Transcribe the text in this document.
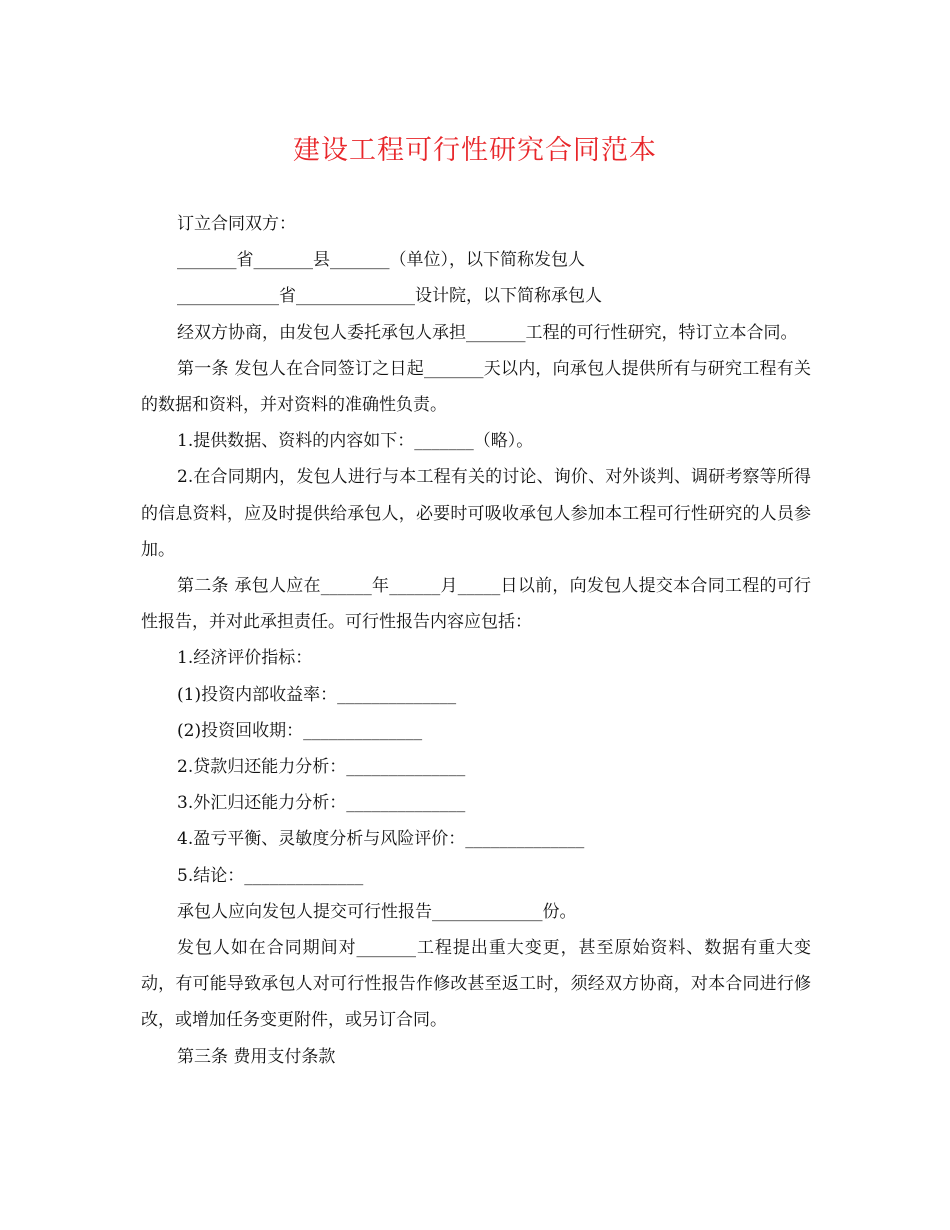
建设工程可行性研究合同范本

订立合同双方：

_______省_______县_______（单位），以下简称发包人

____________省______________设计院，以下简称承包人

经双方协商，由发包人委托承包人承担_______工程的可行性研究，特订立本合同。

第一条 发包人在合同签订之日起_______天以内，向承包人提供所有与研究工程有关的数据和资料，并对资料的准确性负责。

1.提供数据、资料的内容如下：_______（略）。

2.在合同期内，发包人进行与本工程有关的讨论、询价、对外谈判、调研考察等所得的信息资料，应及时提供给承包人，必要时可吸收承包人参加本工程可行性研究的人员参加。

第二条 承包人应在______年______月_____日以前，向发包人提交本合同工程的可行性报告，并对此承担责任。可行性报告内容应包括：

1.经济评价指标：

(1)投资内部收益率：______________

(2)投资回收期：______________

2.贷款归还能力分析：______________

3.外汇归还能力分析：______________

4.盈亏平衡、灵敏度分析与风险评价：______________

5.结论：______________

承包人应向发包人提交可行性报告_____________份。

发包人如在合同期间对_______工程提出重大变更，甚至原始资料、数据有重大变动，有可能导致承包人对可行性报告作修改甚至返工时，须经双方协商，对本合同进行修改，或增加任务变更附件，或另订合同。

第三条 费用支付条款
